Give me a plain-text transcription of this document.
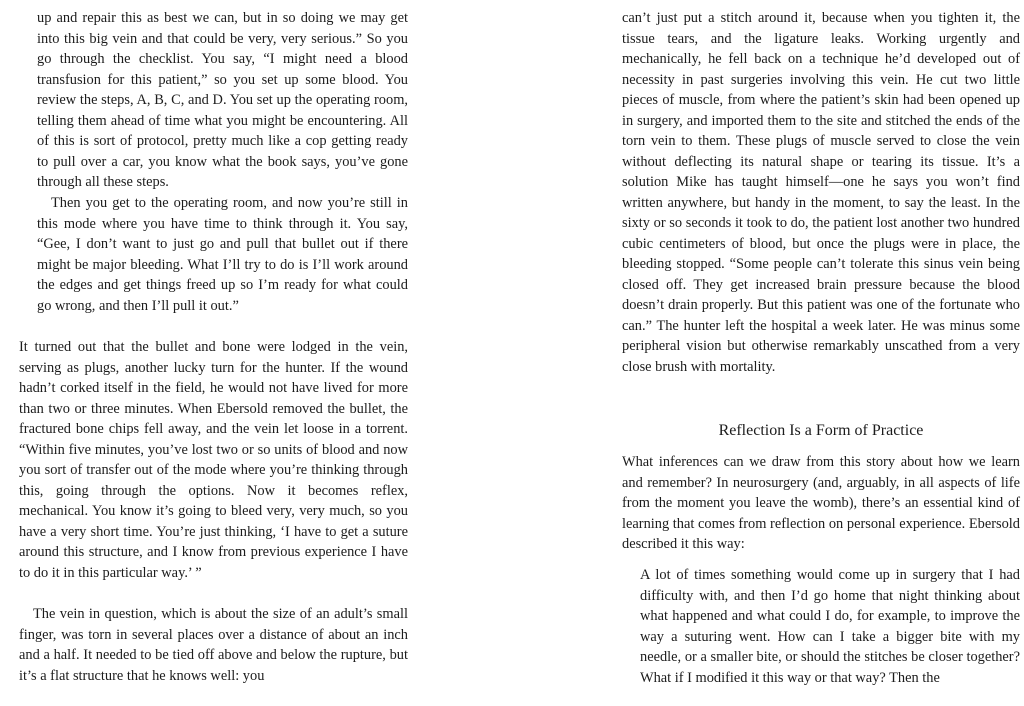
up and repair this as best we can, but in so doing we may get into this big vein and that could be very, very serious.” So you go through the checklist. You say, “I might need a blood transfusion for this patient,” so you set up some blood. You review the steps, A, B, C, and D. You set up the operating room, telling them ahead of time what you might be encountering. All of this is sort of protocol, pretty much like a cop getting ready to pull over a car, you know what the book says, you’ve gone through all these steps.

Then you get to the operating room, and now you’re still in this mode where you have time to think through it. You say, “Gee, I don’t want to just go and pull that bullet out if there might be major bleeding. What I’ll try to do is I’ll work around the edges and get things freed up so I’m ready for what could go wrong, and then I’ll pull it out.”

It turned out that the bullet and bone were lodged in the vein, serving as plugs, another lucky turn for the hunter. If the wound hadn’t corked itself in the field, he would not have lived for more than two or three minutes. When Ebersold removed the bullet, the fractured bone chips fell away, and the vein let loose in a torrent. “Within five minutes, you’ve lost two or so units of blood and now you sort of transfer out of the mode where you’re thinking through this, going through the options. Now it becomes reflex, mechanical. You know it’s going to bleed very, very much, so you have a very short time. You’re just thinking, ‘I have to get a suture around this structure, and I know from previous experience I have to do it in this particular way.’ ”

The vein in question, which is about the size of an adult’s small finger, was torn in several places over a distance of about an inch and a half. It needed to be tied off above and below the rupture, but it’s a flat structure that he knows well: you

can’t just put a stitch around it, because when you tighten it, the tissue tears, and the ligature leaks. Working urgently and mechanically, he fell back on a technique he’d developed out of necessity in past surgeries involving this vein. He cut two little pieces of muscle, from where the patient’s skin had been opened up in surgery, and imported them to the site and stitched the ends of the torn vein to them. These plugs of muscle served to close the vein without deflecting its natural shape or tearing its tissue. It’s a solution Mike has taught himself—one he says you won’t find written anywhere, but handy in the moment, to say the least. In the sixty or so seconds it took to do, the patient lost another two hundred cubic centimeters of blood, but once the plugs were in place, the bleeding stopped. “Some people can’t tolerate this sinus vein being closed off. They get increased brain pressure because the blood doesn’t drain properly. But this patient was one of the fortunate who can.” The hunter left the hospital a week later. He was minus some peripheral vision but otherwise remarkably unscathed from a very close brush with mortality.

Reflection Is a Form of Practice

What inferences can we draw from this story about how we learn and remember? In neurosurgery (and, arguably, in all aspects of life from the moment you leave the womb), there’s an essential kind of learning that comes from reflection on personal experience. Ebersold described it this way:

A lot of times something would come up in surgery that I had difficulty with, and then I’d go home that night thinking about what happened and what could I do, for example, to improve the way a suturing went. How can I take a bigger bite with my needle, or a smaller bite, or should the stitches be closer together? What if I modified it this way or that way? Then the
